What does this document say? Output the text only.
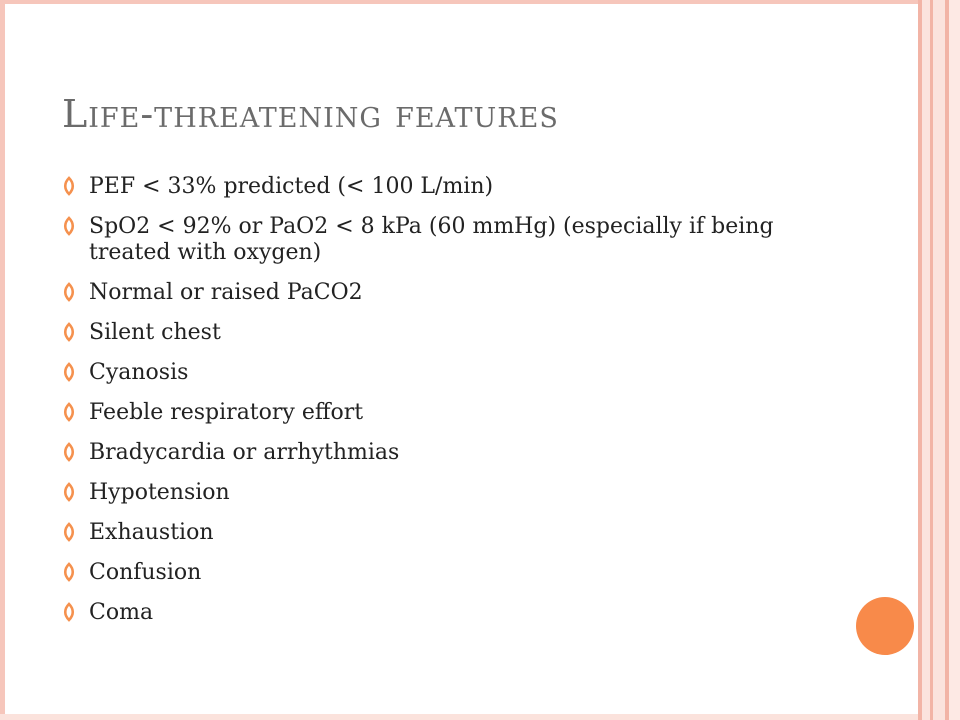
Life-threatening features
PEF < 33% predicted (< 100 L/min)
SpO2 < 92% or PaO2 < 8 kPa (60 mmHg) (especially if being treated with oxygen)
Normal or raised PaCO2
Silent chest
Cyanosis
Feeble respiratory effort
Bradycardia or arrhythmias
Hypotension
Exhaustion
Confusion
Coma
